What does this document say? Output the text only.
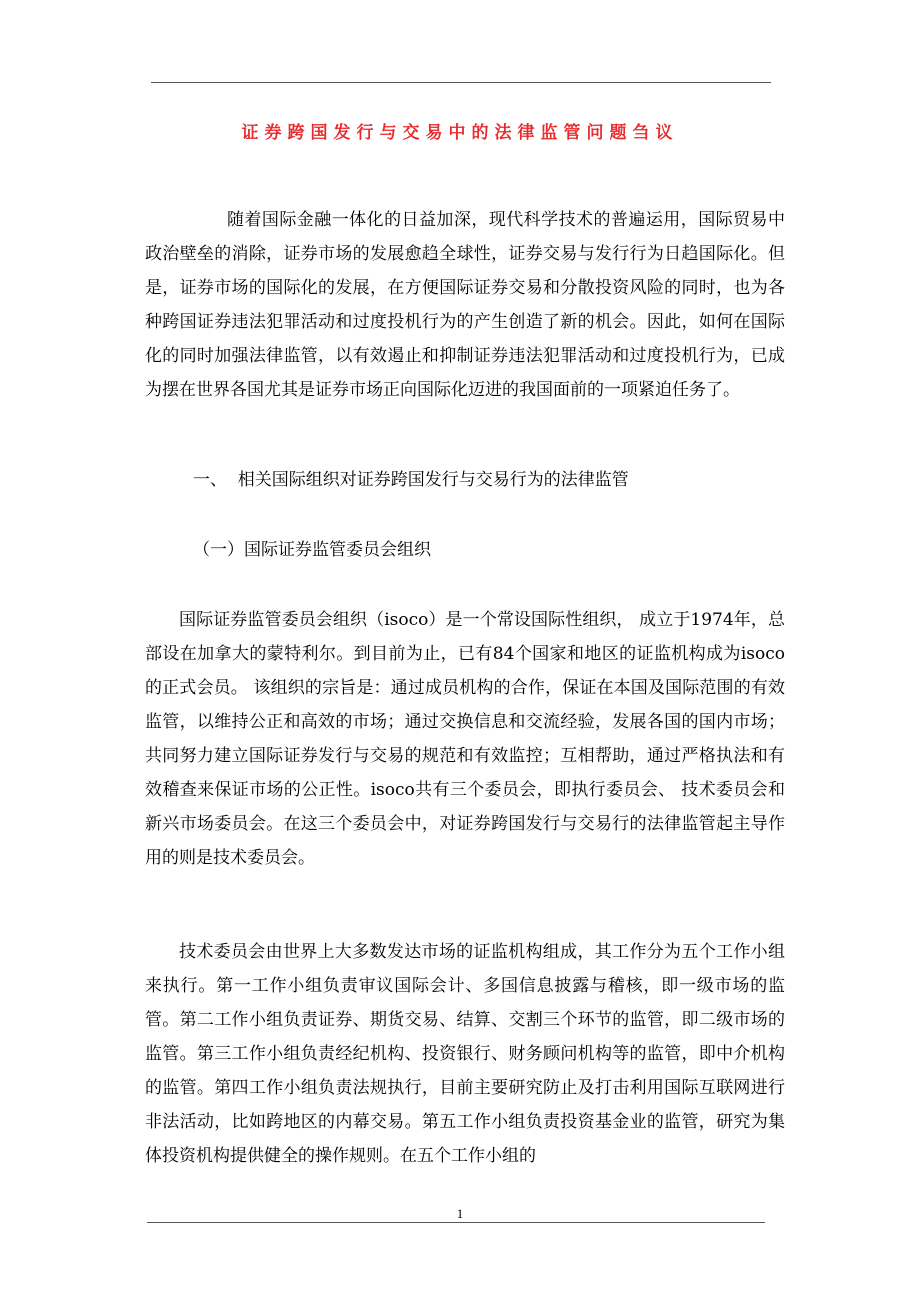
证券跨国发行与交易中的法律监管问题刍议

随着国际金融一体化的日益加深，现代科学技术的普遍运用，国际贸易中政治壁垒的消除，证券市场的发展愈趋全球性，证券交易与发行行为日趋国际化。但是，证券市场的国际化的发展，在方便国际证券交易和分散投资风险的同时，也为各种跨国证券违法犯罪活动和过度投机行为的产生创造了新的机会。因此，如何在国际化的同时加强法律监管，以有效遏止和抑制证券违法犯罪活动和过度投机行为，已成为摆在世界各国尤其是证券市场正向国际化迈进的我国面前的一项紧迫任务了。

一、  相关国际组织对证券跨国发行与交易行为的法律监管

（一）国际证券监管委员会组织

国际证券监管委员会组织（isoco）是一个常设国际性组织， 成立于1974年，总部设在加拿大的蒙特利尔。到目前为止，已有84个国家和地区的证监机构成为isoco的正式会员。 该组织的宗旨是：通过成员机构的合作，保证在本国及国际范围的有效监管，以维持公正和高效的市场；通过交换信息和交流经验，发展各国的国内市场；共同努力建立国际证券发行与交易的规范和有效监控；互相帮助，通过严格执法和有效稽查来保证市场的公正性。isoco共有三个委员会，即执行委员会、 技术委员会和新兴市场委员会。在这三个委员会中，对证券跨国发行与交易行的法律监管起主导作用的则是技术委员会。

技术委员会由世界上大多数发达市场的证监机构组成，其工作分为五个工作小组来执行。第一工作小组负责审议国际会计、多国信息披露与稽核，即一级市场的监管。第二工作小组负责证券、期货交易、结算、交割三个环节的监管，即二级市场的监管。第三工作小组负责经纪机构、投资银行、财务顾问机构等的监管，即中介机构的监管。第四工作小组负责法规执行，目前主要研究防止及打击利用国际互联网进行非法活动，比如跨地区的内幕交易。第五工作小组负责投资基金业的监管，研究为集体投资机构提供健全的操作规则。在五个工作小组的

1
